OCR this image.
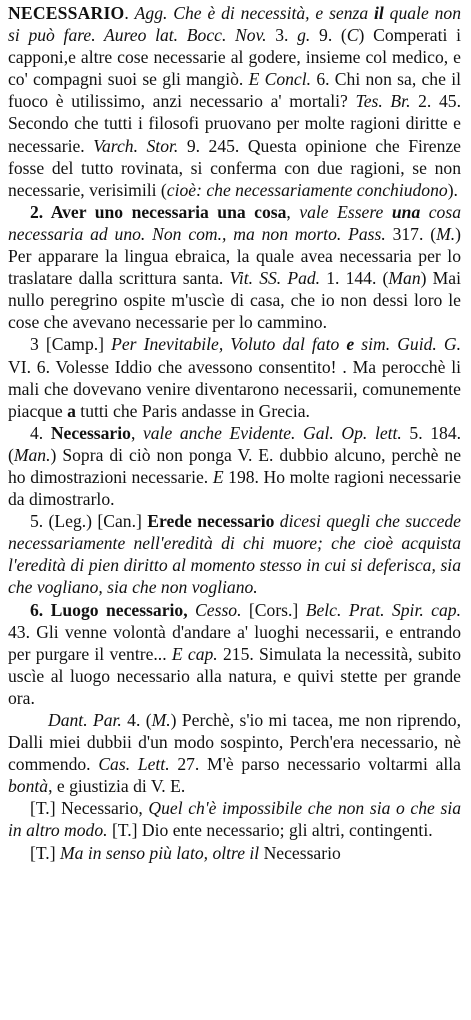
NECESSARIO. Agg. Che è di necessità, e senza il quale non si può fare. Aureo lat. Bocc. Nov. 3. g. 9. (C) Comperati i capponi,e altre cose necessarie al godere, insieme col medico, e co' compagni suoi se gli mangiò. E Concl. 6. Chi non sa, che il fuoco è utilissimo, anzi necessario a' mortali? Tes. Br. 2. 45. Secondo che tutti i filosofi pruovano per molte ragioni diritte e necessarie. Varch. Stor. 9. 245. Questa opinione che Firenze fosse del tutto rovinata, si conferma con due ragioni, se non necessarie, verisimili (cioè: che necessariamente conchiudono).

2. Aver uno necessaria una cosa, vale Essere una cosa necessaria ad uno. Non com., ma non morto. Pass. 317. (M.) Per apparare la lingua ebraica, la quale avea necessaria per lo traslatare dalla scrittura santa. Vit. SS. Pad. 1. 144. (Man) Mai nullo peregrino ospite m'uscìe di casa, che io non dessi loro le cose che avevano necessarie per lo cammino.

3 [Camp.] Per Inevitabile, Voluto dal fato e sim. Guid. G. VI. 6. Volesse Iddio che avessono consentito! . Ma perocchè li mali che dovevano venire diventarono necessarii, comunemente piacque a tutti che Paris andasse in Grecia.

4. Necessario, vale anche Evidente. Gal. Op. lett. 5. 184. (Man.) Sopra di ciò non ponga V. E. dubbio alcuno, perchè ne ho dimostrazioni necessarie. E 198. Ho molte ragioni necessarie da dimostrarlo.

5. (Leg.) [Can.] Erede necessario dicesi quegli che succede necessariamente nell'eredità di chi muore; che cioè acquista l'eredità di pien diritto al momento stesso in cui si deferisca, sia che vogliano, sia che non vogliano.

6. Luogo necessario, Cesso. [Cors.] Belc. Prat. Spir. cap. 43. Gli venne volontà d'andare a' luoghi necessarii, e entrando per purgare il ventre... E cap. 215. Simulata la necessità, subito uscìe al luogo necessario alla natura, e quivi stette per grande ora.

Dant. Par. 4. (M.) Perchè, s'io mi tacea, me non riprendo, Dalli miei dubbii d'un modo sospinto, Perch'era necessario, nè commendo. Cas. Lett. 27. M'è parso necessario voltarmi alla bontà, e giustizia di V. E.

[T.] Necessario, Quel ch'è impossibile che non sia o che sia in altro modo. [T.] Dio ente necessario; gli altri, contingenti.

[T.] Ma in senso più lato, oltre il Necessario
